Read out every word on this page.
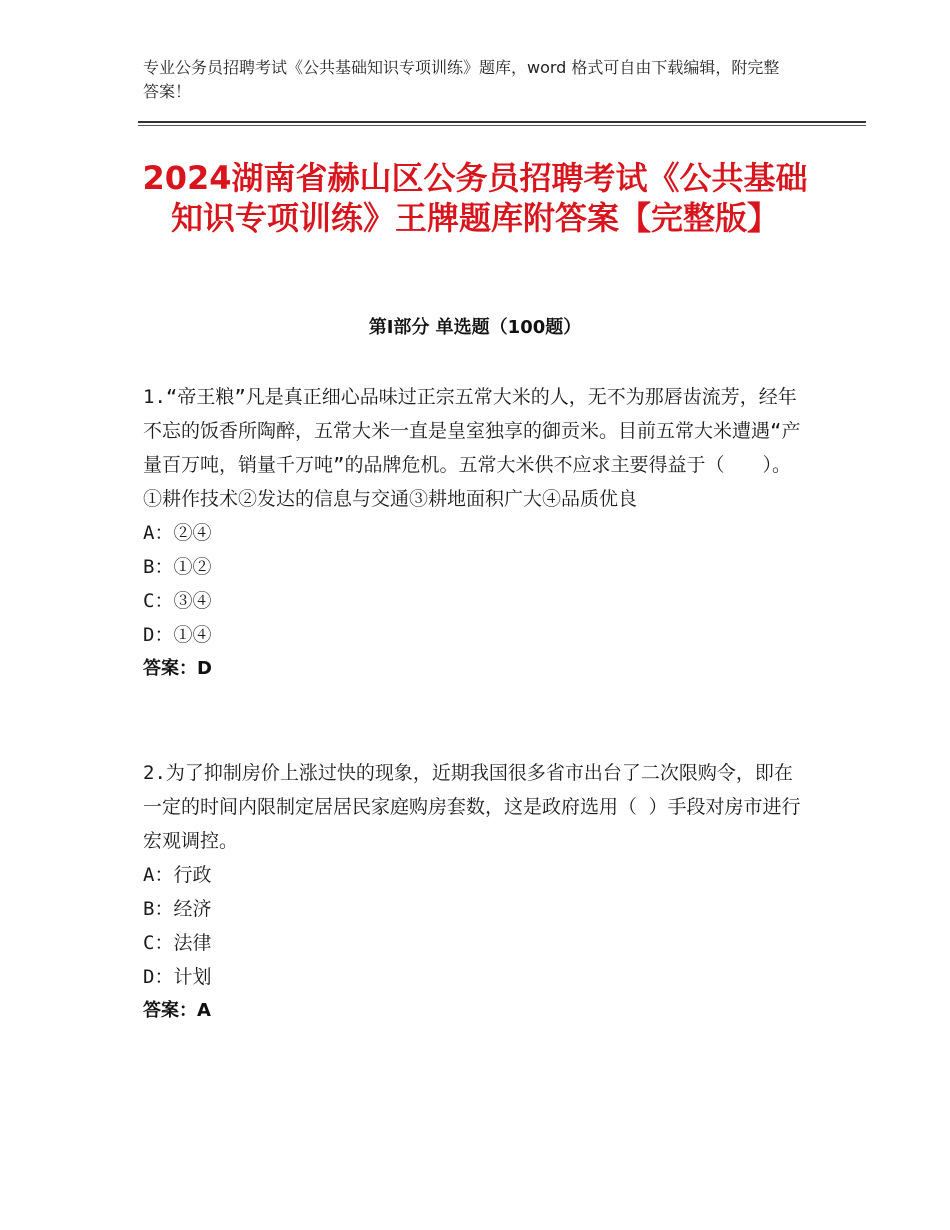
专业公务员招聘考试《公共基础知识专项训练》题库，word 格式可自由下载编辑，附完整答案！
2024湖南省赫山区公务员招聘考试《公共基础知识专项训练》王牌题库附答案【完整版】
第Ⅰ部分 单选题（100题）

1.“帝王粮”凡是真正细心品味过正宗五常大米的人，无不为那唇齿流芳，经年不忘的饭香所陶醉，五常大米一直是皇室独享的御贡米。目前五常大米遭遇“产量百万吨，销量千万吨”的品牌危机。五常大米供不应求主要得益于（　　）。①耕作技术②发达的信息与交通③耕地面积广大④品质优良

A：②④

B：①②

C：③④

D：①④

答案：D

2.为了抑制房价上涨过快的现象，近期我国很多省市出台了二次限购令，即在一定的时间内限制定居居民家庭购房套数，这是政府选用（ ）手段对房市进行宏观调控。

A：行政

B：经济

C：法律

D：计划

答案：A
